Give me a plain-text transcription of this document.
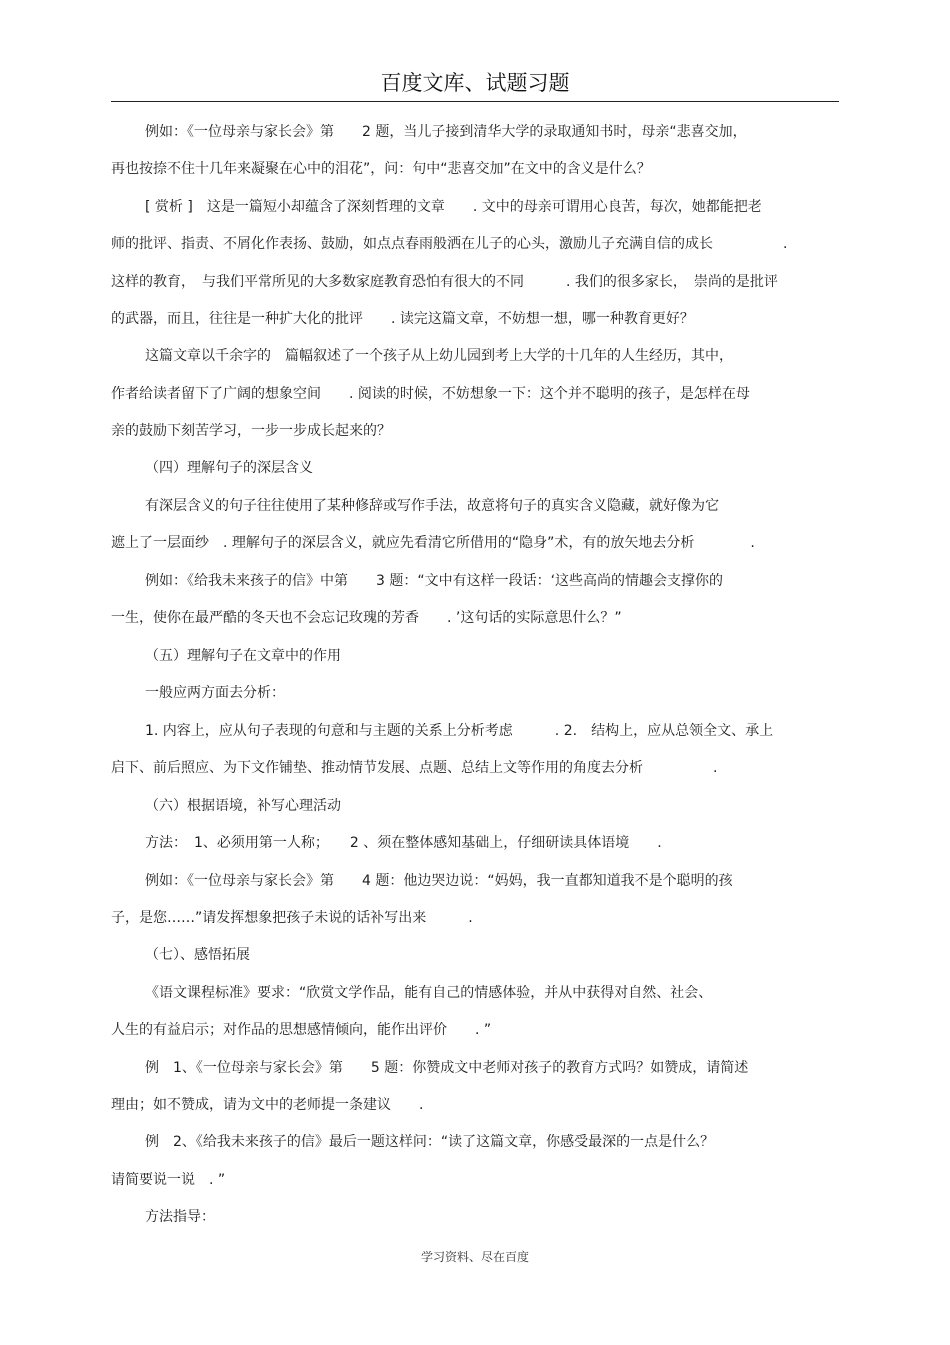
百度文库、试题习题
例如：《一位母亲与家长会》第　　2 题，当儿子接到清华大学的录取通知书时，母亲“悲喜交加，
再也按捺不住十几年来凝聚在心中的泪花”，问：句中“悲喜交加”在文中的含义是什么？
[ 赏析 ]　这是一篇短小却蕴含了深刻哲理的文章　　. 文中的母亲可谓用心良苦，每次，她都能把老
师的批评、指责、不屑化作表扬、鼓励，如点点春雨般洒在儿子的心头，激励儿子充满自信的成长　　　　　.
这样的教育，　与我们平常所见的大多数家庭教育恐怕有很大的不同　　　. 我们的很多家长，　崇尚的是批评
的武器，而且，往往是一种扩大化的批评　　. 读完这篇文章，不妨想一想，哪一种教育更好？
这篇文章以千余字的　篇幅叙述了一个孩子从上幼儿园到考上大学的十几年的人生经历，其中，
作者给读者留下了广阔的想象空间　　. 阅读的时候，不妨想象一下：这个并不聪明的孩子，是怎样在母
亲的鼓励下刻苦学习，一步一步成长起来的？
（四）理解句子的深层含义
有深层含义的句子往往使用了某种修辞或写作手法，故意将句子的真实含义隐藏，就好像为它
遮上了一层面纱　. 理解句子的深层含义，就应先看清它所借用的“隐身”术，有的放矢地去分析　　　　.
例如：《给我未来孩子的信》中第　　3 题：“文中有这样一段话：‘这些高尚的情趣会支撑你的
一生，使你在最严酷的冬天也不会忘记玫瑰的芳香　　. ’这句话的实际意思什么？”
（五）理解句子在文章中的作用
一般应两方面去分析：
1. 内容上，应从句子表现的句意和与主题的关系上分析考虑　　　. 2.　结构上，应从总领全文、承上
启下、前后照应、为下文作铺垫、推动情节发展、点题、总结上文等作用的角度去分析　　　　　.
（六）根据语境，补写心理活动
方法：　1、必须用第一人称；　　2 、须在整体感知基础上，仔细研读具体语境　　.
例如：《一位母亲与家长会》第　　4 题：他边哭边说：“妈妈，我一直都知道我不是个聪明的孩
子，是您……”请发挥想象把孩子未说的话补写出来　　　.
（七）、感悟拓展
《语文课程标准》要求：“欣赏文学作品，能有自己的情感体验，并从中获得对自然、社会、
人生的有益启示；对作品的思想感情倾向，能作出评价　　. ”
例　1、《一位母亲与家长会》第　　5 题：你赞成文中老师对孩子的教育方式吗？如赞成，请简述
理由；如不赞成，请为文中的老师提一条建议　　.
例　2、《给我未来孩子的信》最后一题这样问：“读了这篇文章，你感受最深的一点是什么？
请简要说一说　. ”
方法指导：
学习资料、尽在百度
